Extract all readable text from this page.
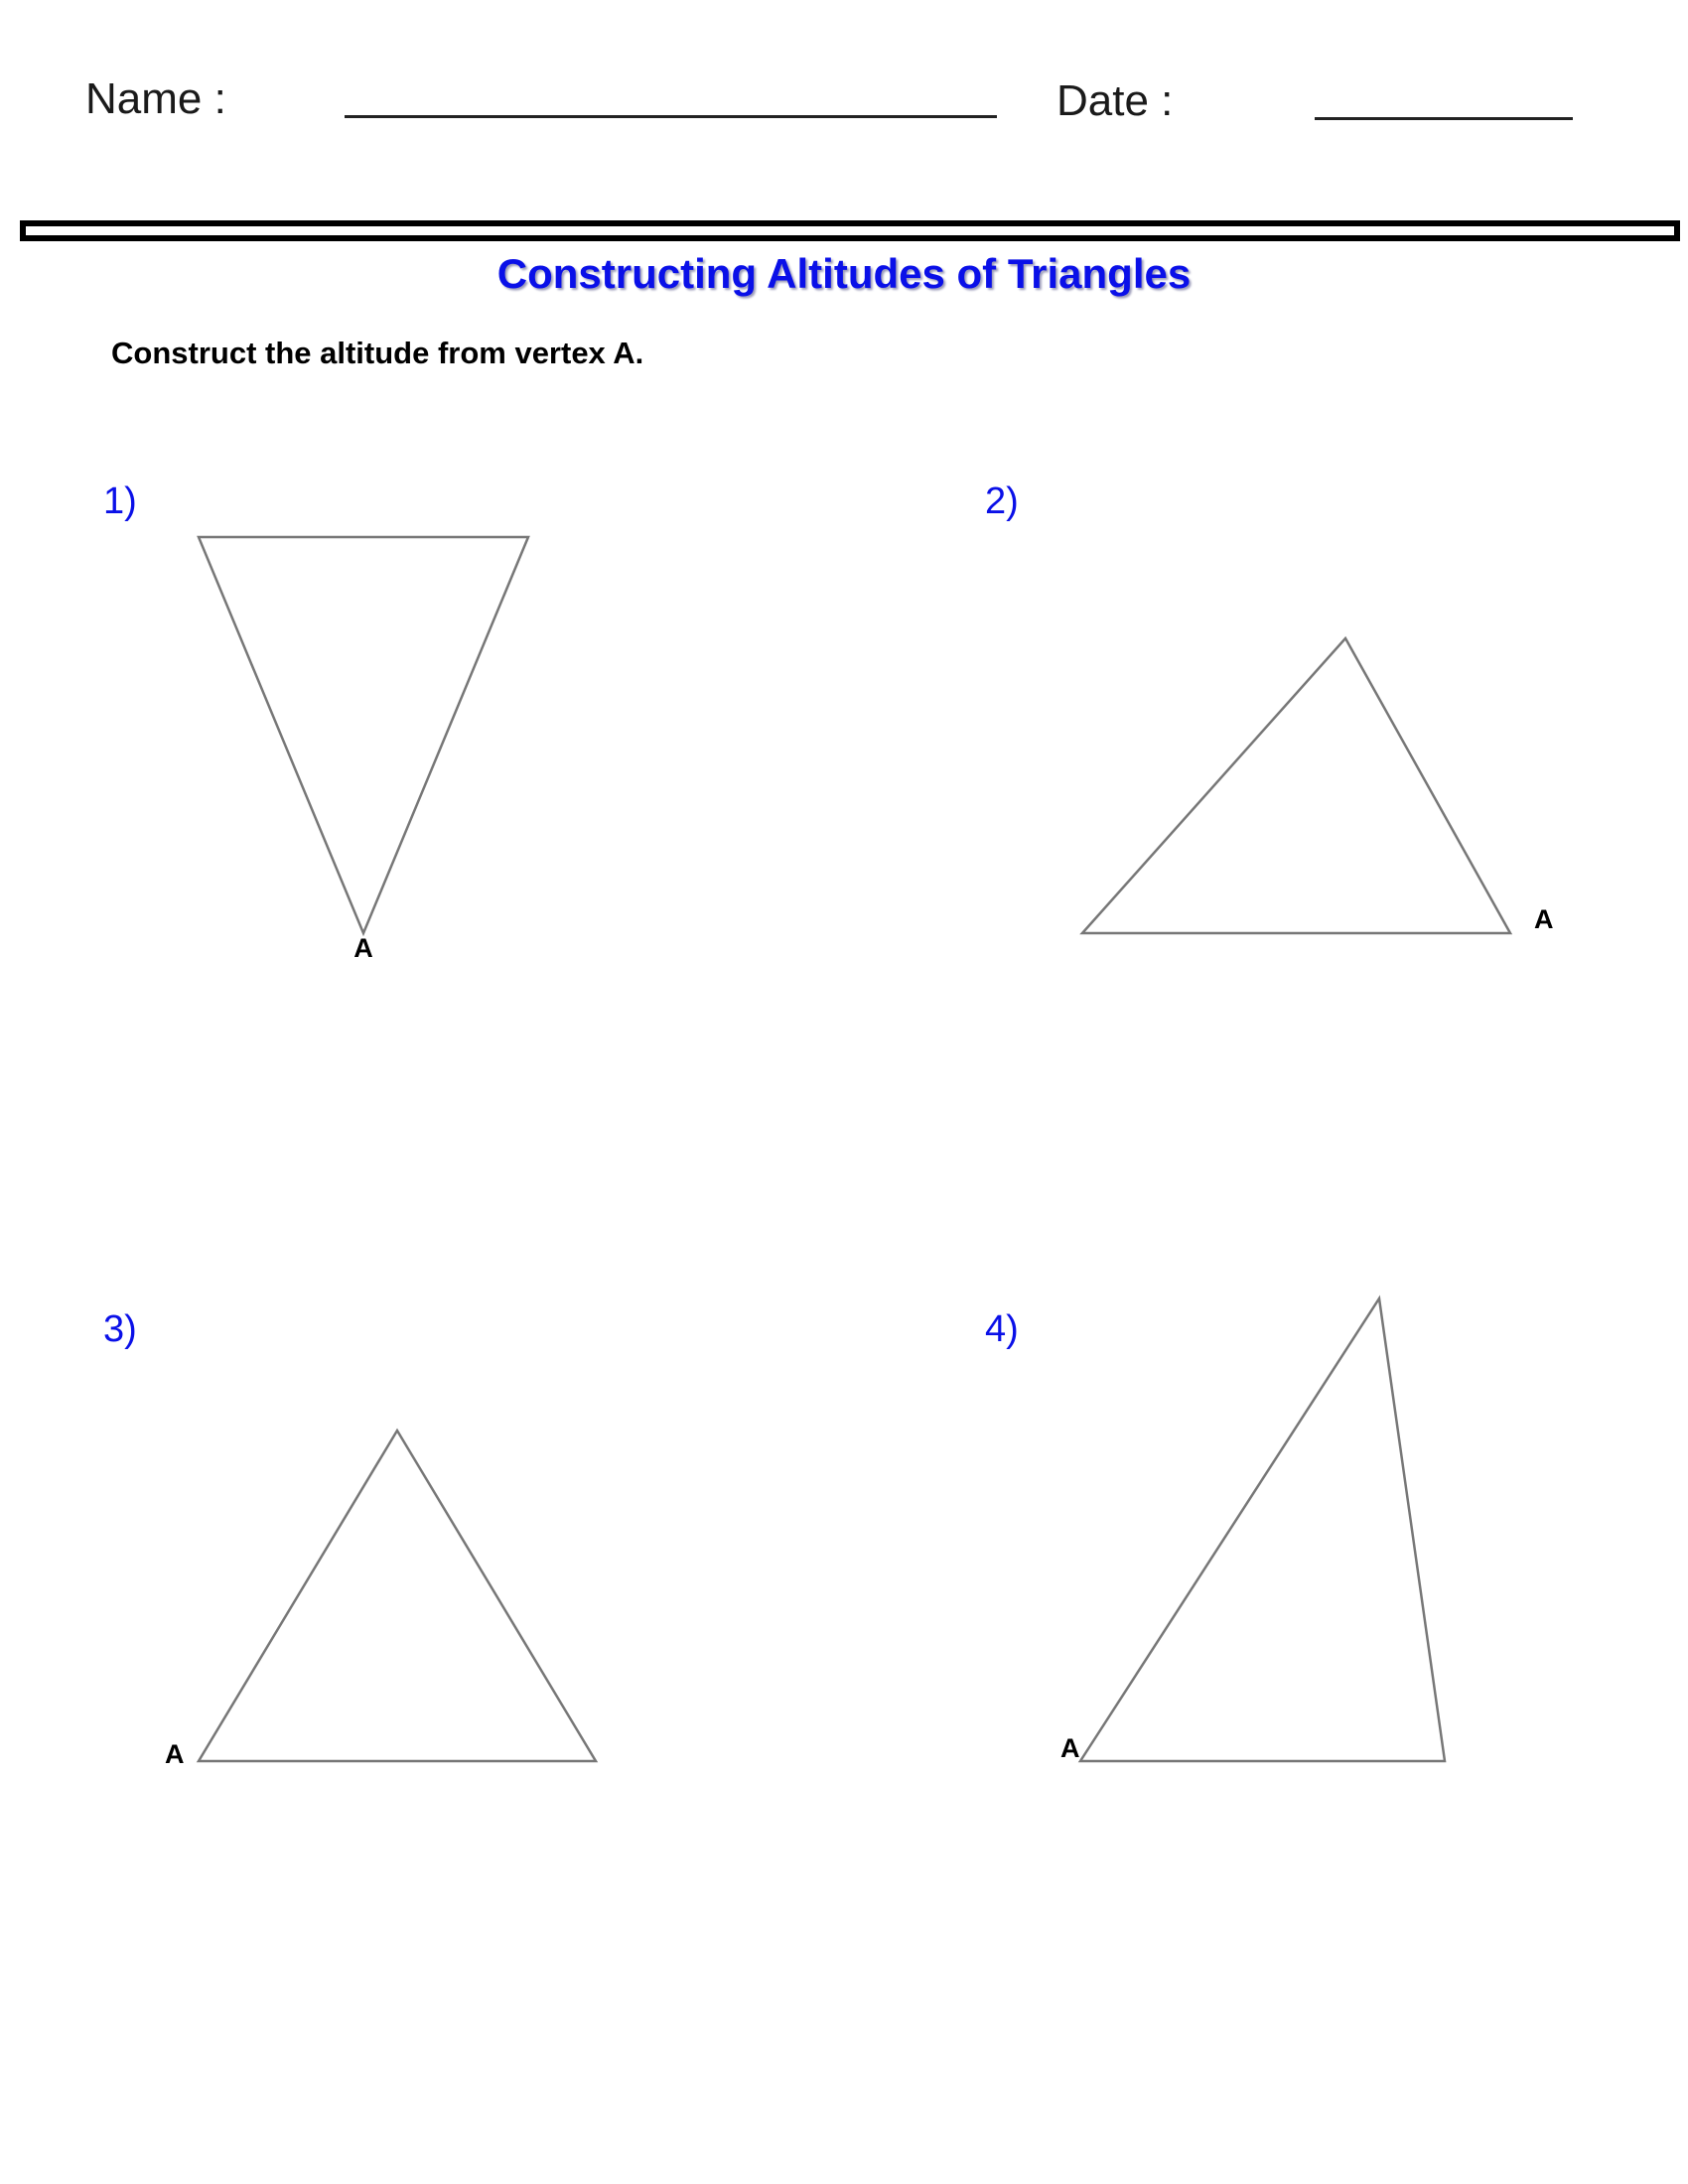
Name :	Date :
Constructing Altitudes of Triangles
Construct the altitude from vertex A.
1)	2)
3)	4)
A
A
A	A
